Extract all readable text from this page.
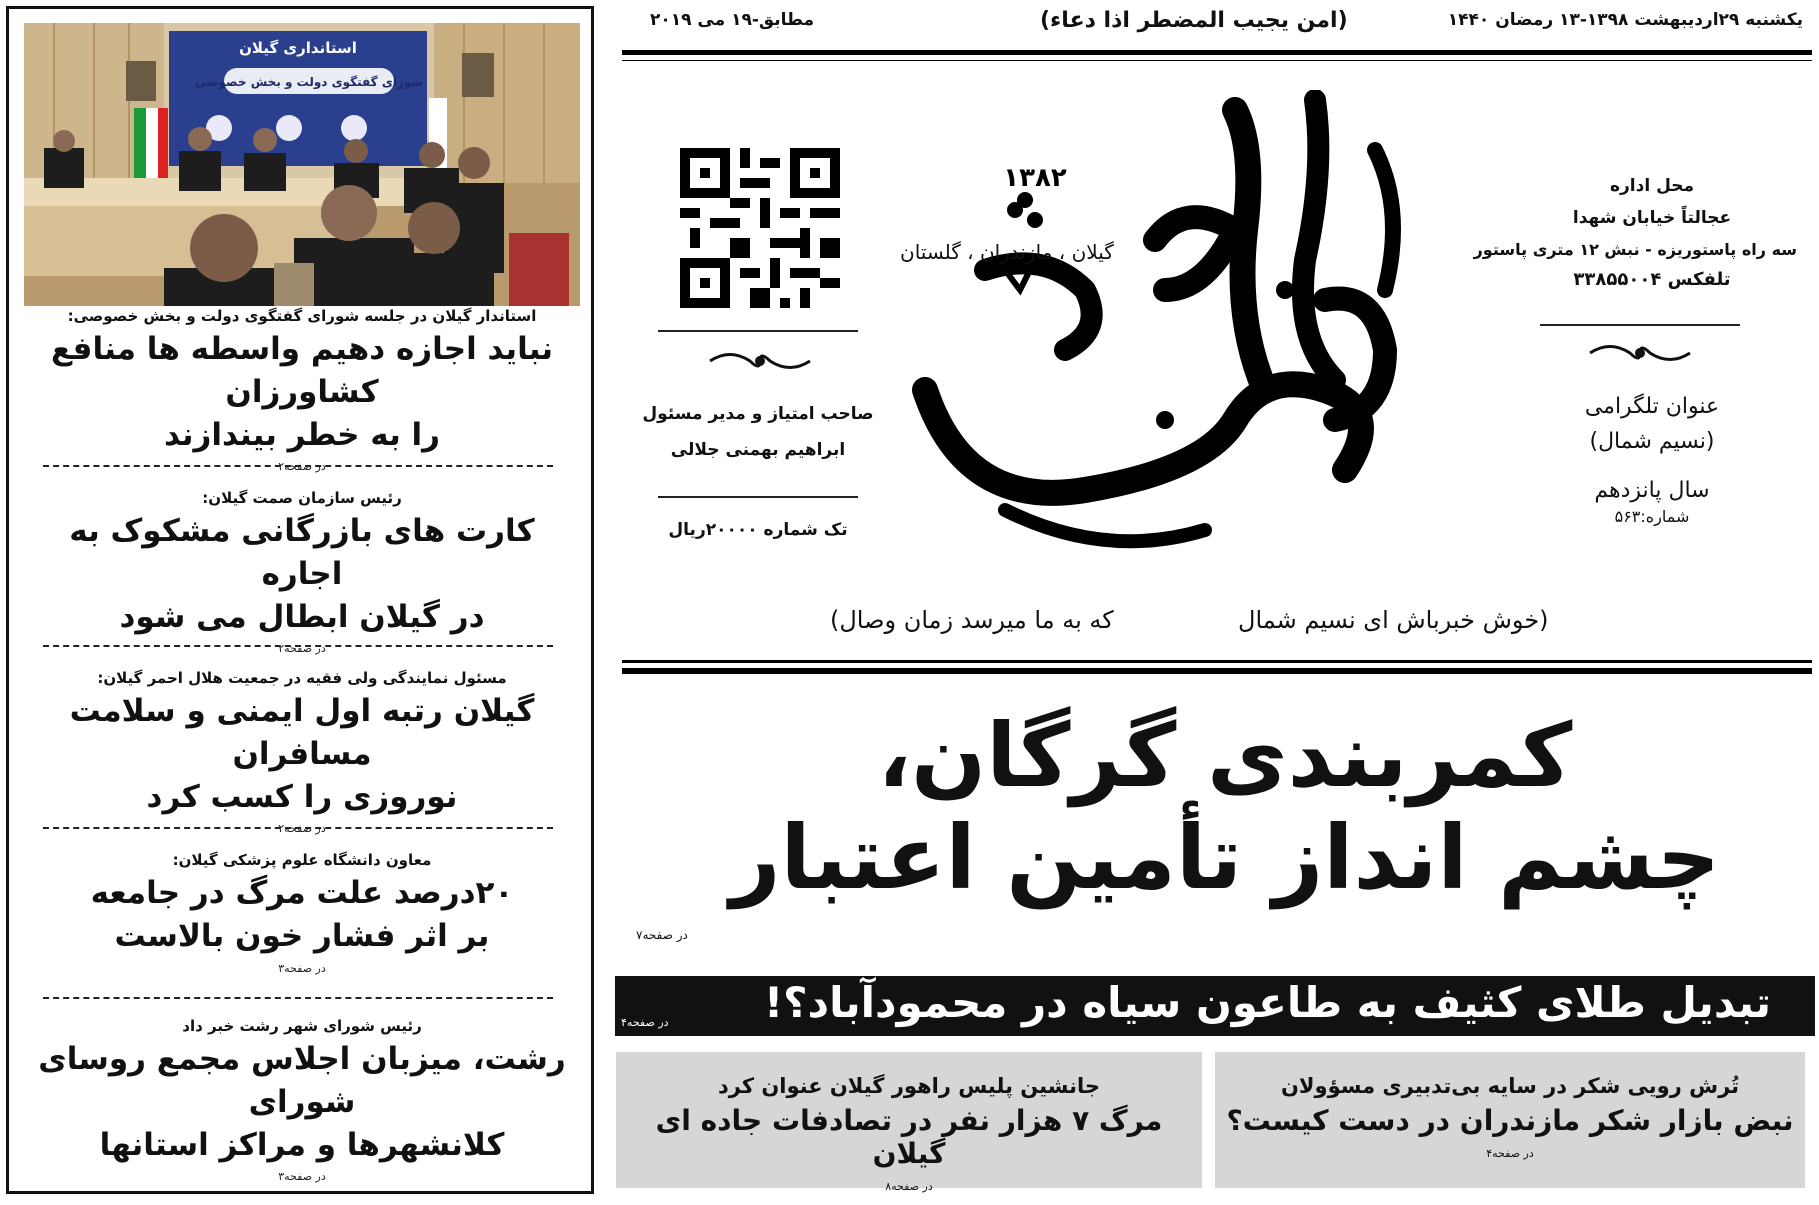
استانداری گیلان
شورای گفتگوی دولت و بخش خصوصی
استاندار گیلان در جلسه شورای گفتگوی دولت و بخش خصوصی:
نباید اجازه دهیم واسطه ها منافع کشاورزان
را به خطر بیندازند
در صفحه۲
رئیس سازمان صمت گیلان:
کارت های بازرگانی مشکوک به اجاره
در گیلان ابطال می شود
در صفحه۲
مسئول نمایندگی ولی فقیه در جمعیت هلال احمر گیلان:
گیلان رتبه اول ایمنی و سلامت مسافران
نوروزی را کسب کرد
در صفحه۲
معاون دانشگاه علوم پزشکی گیلان:
۲۰درصد علت مرگ در جامعه
بر اثر فشار خون بالاست
در صفحه۳
رئیس شورای شهر رشت خبر داد
رشت، میزبان اجلاس مجمع روسای شورای
کلانشهرها و مراکز استانها
در صفحه۳
یکشنبه ۲۹اردیبهشت ۱۳۹۸-۱۳ رمضان ۱۴۴۰
(امن یجیب المضطر اذا دعاء)
مطابق-۱۹ می ۲۰۱۹
محل اداره
عجالتاً خیابان شهدا
سه راه پاستوریزه - نبش ۱۲ متری پاستور
تلفکس ۳۳۸۵۵۰۰۴
عنوان تلگرامی
(نسیم شمال)
سال پانزدهم
شماره:۵۶۳
۱۳۸۲
گیلان ، مازندران ، گلستان
صاحب امتیاز و مدیر مسئول
ابراهیم بهمنی جلالی
تک شماره ۲۰۰۰۰ریال
(خوش خبرباش ای نسیم شمال
که به ما میرسد زمان وصال)
کمربندی گرگان،
چشم انداز تأمین اعتبار
در صفحه۷
تبدیل طلای کثیف به طاعون سیاه در محمودآباد؟!
در صفحه۴
تُرش رویی شکر در سایه بی‌تدبیری مسؤولان
نبض بازار شکر مازندران در دست کیست؟
در صفحه۴
جانشین پلیس راهور گیلان عنوان کرد
مرگ ۷ هزار نفر در تصادفات جاده ای گیلان
در صفحه۸
